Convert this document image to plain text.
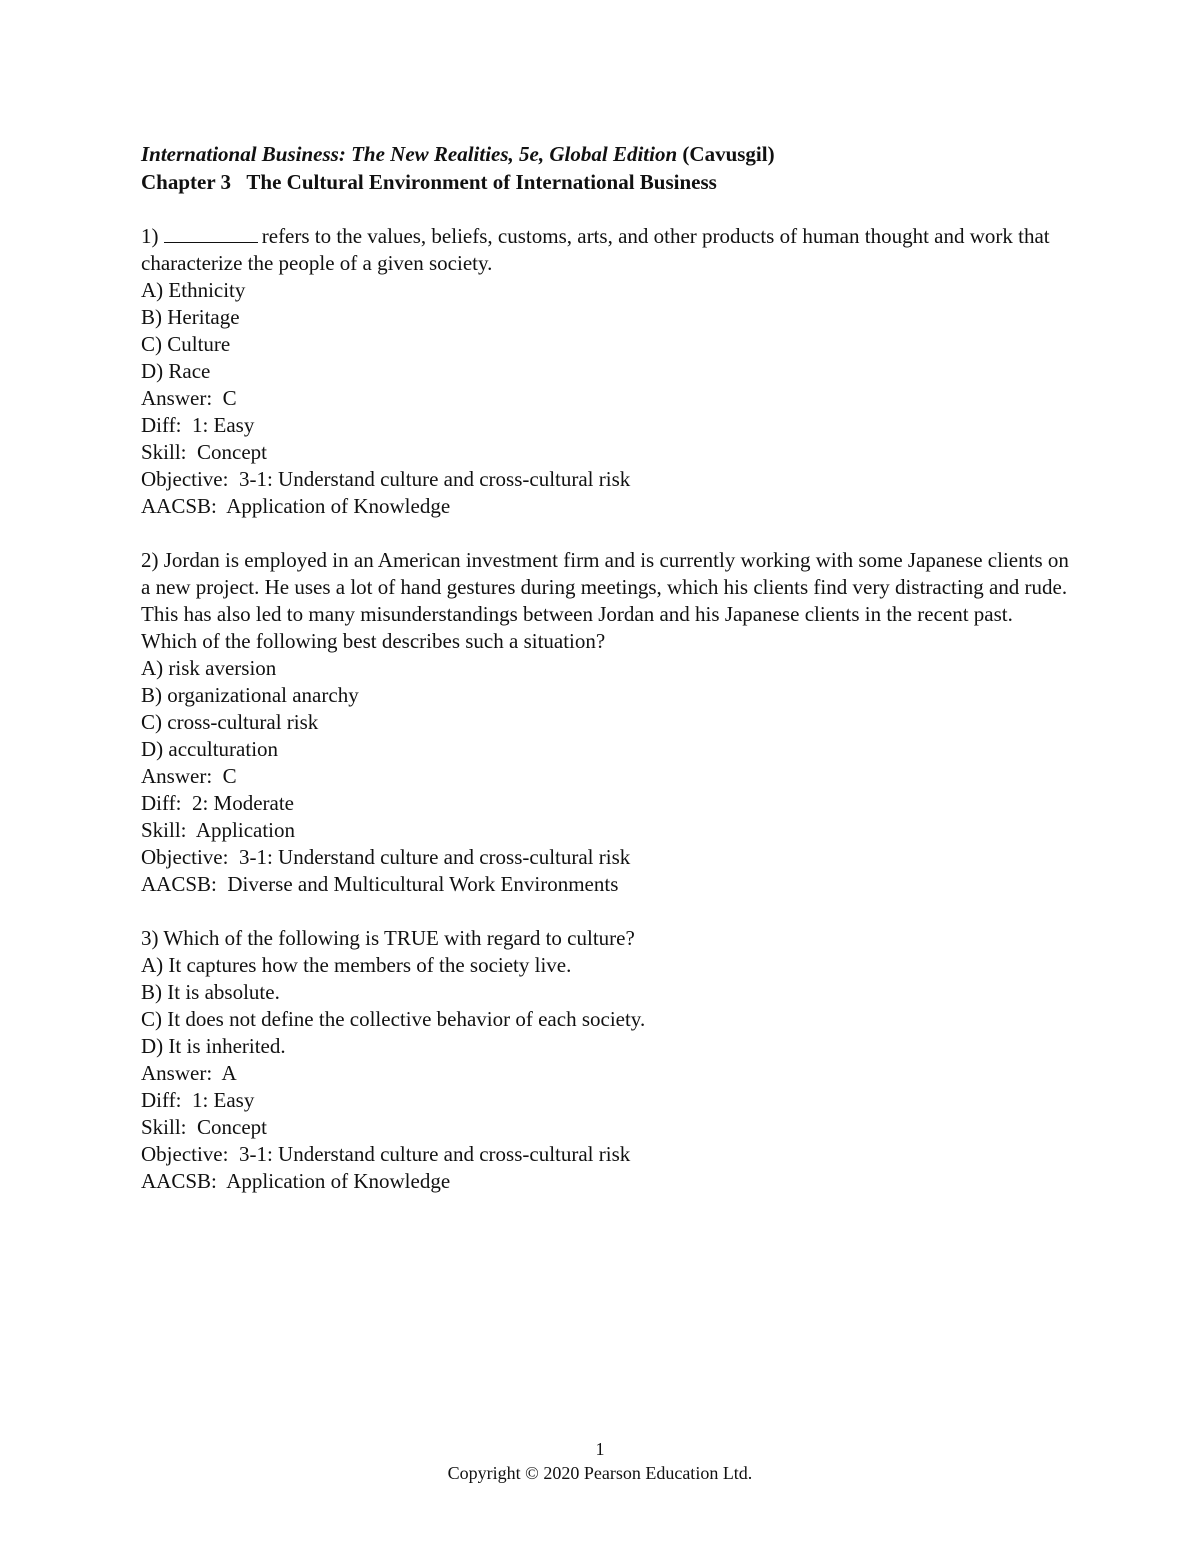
International Business: The New Realities, 5e, Global Edition (Cavusgil)
Chapter 3   The Cultural Environment of International Business
1)	refers to the values, beliefs, customs, arts, and other products of human thought and work that characterize the people of a given society.
A) Ethnicity
B) Heritage
C) Culture
D) Race
Answer:  C
Diff:  1: Easy
Skill:  Concept
Objective:  3-1: Understand culture and cross-cultural risk
AACSB:  Application of Knowledge
2) Jordan is employed in an American investment firm and is currently working with some Japanese clients on a new project. He uses a lot of hand gestures during meetings, which his clients find very distracting and rude. This has also led to many misunderstandings between Jordan and his Japanese clients in the recent past. Which of the following best describes such a situation?
A) risk aversion
B) organizational anarchy
C) cross-cultural risk
D) acculturation
Answer:  C
Diff:  2: Moderate
Skill:  Application
Objective:  3-1: Understand culture and cross-cultural risk
AACSB:  Diverse and Multicultural Work Environments
3) Which of the following is TRUE with regard to culture?
A) It captures how the members of the society live.
B) It is absolute.
C) It does not define the collective behavior of each society.
D) It is inherited.
Answer:  A
Diff:  1: Easy
Skill:  Concept
Objective:  3-1: Understand culture and cross-cultural risk
AACSB:  Application of Knowledge
1
Copyright © 2020 Pearson Education Ltd.
